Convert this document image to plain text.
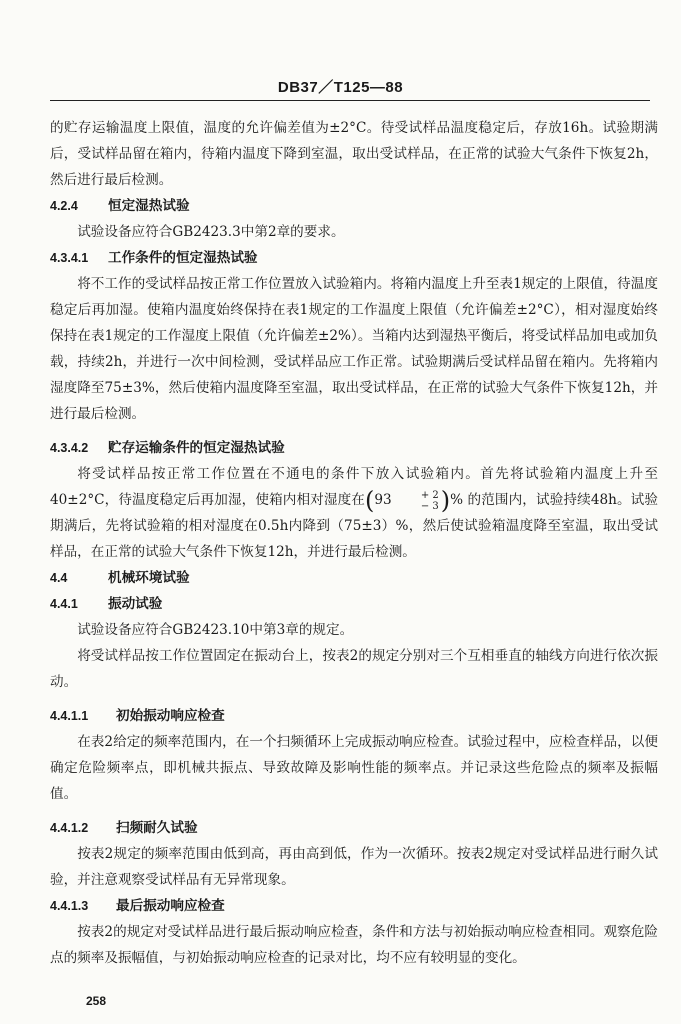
DB37／T125—88

的贮存运输温度上限值，温度的允许偏差值为±2°C。待受试样品温度稳定后，存放16h。试验期满后，受试样品留在箱内，待箱内温度下降到室温，取出受试样品，在正常的试验大气条件下恢复2h，然后进行最后检测。

4.2.4 恒定湿热试验

试验设备应符合GB2423.3中第2章的要求。

4.3.4.1 工作条件的恒定湿热试验

将不工作的受试样品按正常工作位置放入试验箱内。将箱内温度上升至表1规定的上限值，待温度稳定后再加湿。使箱内温度始终保持在表1规定的工作温度上限值（允许偏差±2°C），相对湿度始终保持在表1规定的工作湿度上限值（允许偏差±2%）。当箱内达到湿热平衡后，将受试样品加电或加负载，持续2h，并进行一次中间检测，受试样品应工作正常。试验期满后受试样品留在箱内。先将箱内湿度降至75±3%，然后使箱内温度降至室温，取出受试样品，在正常的试验大气条件下恢复12h，并进行最后检测。

4.3.4.2 贮存运输条件的恒定湿热试验

将受试样品按正常工作位置在不通电的条件下放入试验箱内。首先将试验箱内温度上升至40±2°C，待温度稳定后再加湿，使箱内相对湿度在(93	+ 2
− 3 )% 的范围内，试验持续48h。试验期满后，先将试验箱的相对湿度在0.5h内降到（75±3）%，然后使试验箱温度降至室温，取出受试样品，在正常的试验大气条件下恢复12h，并进行最后检测。

4.4	机械环境试验

4.4.1 振动试验

试验设备应符合GB2423.10中第3章的规定。

将受试样品按工作位置固定在振动台上，按表2的规定分别对三个互相垂直的轴线方向进行依次振动。

4.4.1.1 初始振动响应检查

在表2给定的频率范围内，在一个扫频循环上完成振动响应检查。试验过程中，应检查样品，以便确定危险频率点，即机械共振点、导致故障及影响性能的频率点。并记录这些危险点的频率及振幅值。

4.4.1.2 扫频耐久试验

按表2规定的频率范围由低到高，再由高到低，作为一次循环。按表2规定对受试样品进行耐久试验，并注意观察受试样品有无异常现象。

4.4.1.3 最后振动响应检查

按表2的规定对受试样品进行最后振动响应检查，条件和方法与初始振动响应检查相同。观察危险点的频率及振幅值，与初始振动响应检查的记录对比，均不应有较明显的变化。

258
